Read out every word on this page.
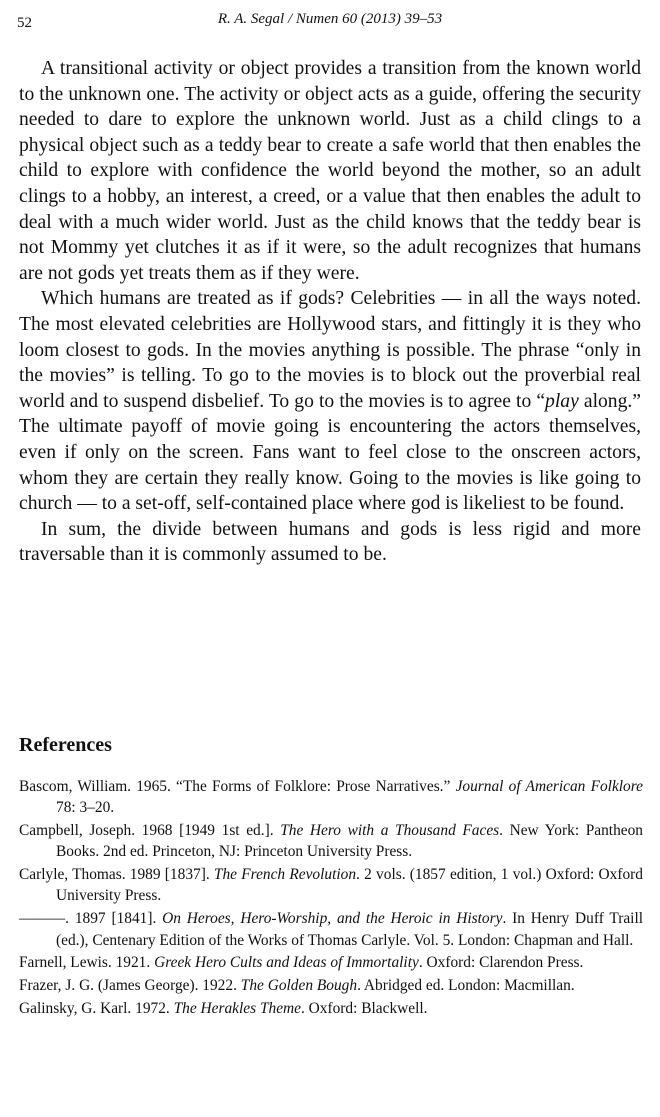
52	R. A. Segal / Numen 60 (2013) 39–53

A transitional activity or object provides a transition from the known world to the unknown one. The activity or object acts as a guide, offering the security needed to dare to explore the unknown world. Just as a child clings to a physical object such as a teddy bear to create a safe world that then enables the child to explore with confidence the world beyond the mother, so an adult clings to a hobby, an interest, a creed, or a value that then enables the adult to deal with a much wider world. Just as the child knows that the teddy bear is not Mommy yet clutches it as if it were, so the adult recognizes that humans are not gods yet treats them as if they were.

Which humans are treated as if gods? Celebrities — in all the ways noted. The most elevated celebrities are Hollywood stars, and fittingly it is they who loom closest to gods. In the movies anything is possible. The phrase “only in the movies” is telling. To go to the movies is to block out the proverbial real world and to suspend disbelief. To go to the movies is to agree to “play along.” The ultimate payoff of movie going is encountering the actors themselves, even if only on the screen. Fans want to feel close to the onscreen actors, whom they are certain they really know. Going to the movies is like going to church — to a set-off, self-contained place where god is likeliest to be found.

In sum, the divide between humans and gods is less rigid and more traversable than it is commonly assumed to be.

References

Bascom, William. 1965. “The Forms of Folklore: Prose Narratives.” Journal of American Folklore 78: 3–20.

Campbell, Joseph. 1968 [1949 1st ed.]. The Hero with a Thousand Faces. New York: Pantheon Books. 2nd ed. Princeton, NJ: Princeton University Press.

Carlyle, Thomas. 1989 [1837]. The French Revolution. 2 vols. (1857 edition, 1 vol.) Oxford: Oxford University Press.

———. 1897 [1841]. On Heroes, Hero-Worship, and the Heroic in History. In Henry Duff Traill (ed.), Centenary Edition of the Works of Thomas Carlyle. Vol. 5. London: Chapman and Hall.

Farnell, Lewis. 1921. Greek Hero Cults and Ideas of Immortality. Oxford: Clarendon Press.

Frazer, J. G. (James George). 1922. The Golden Bough. Abridged ed. London: Macmillan.

Galinsky, G. Karl. 1972. The Herakles Theme. Oxford: Blackwell.
